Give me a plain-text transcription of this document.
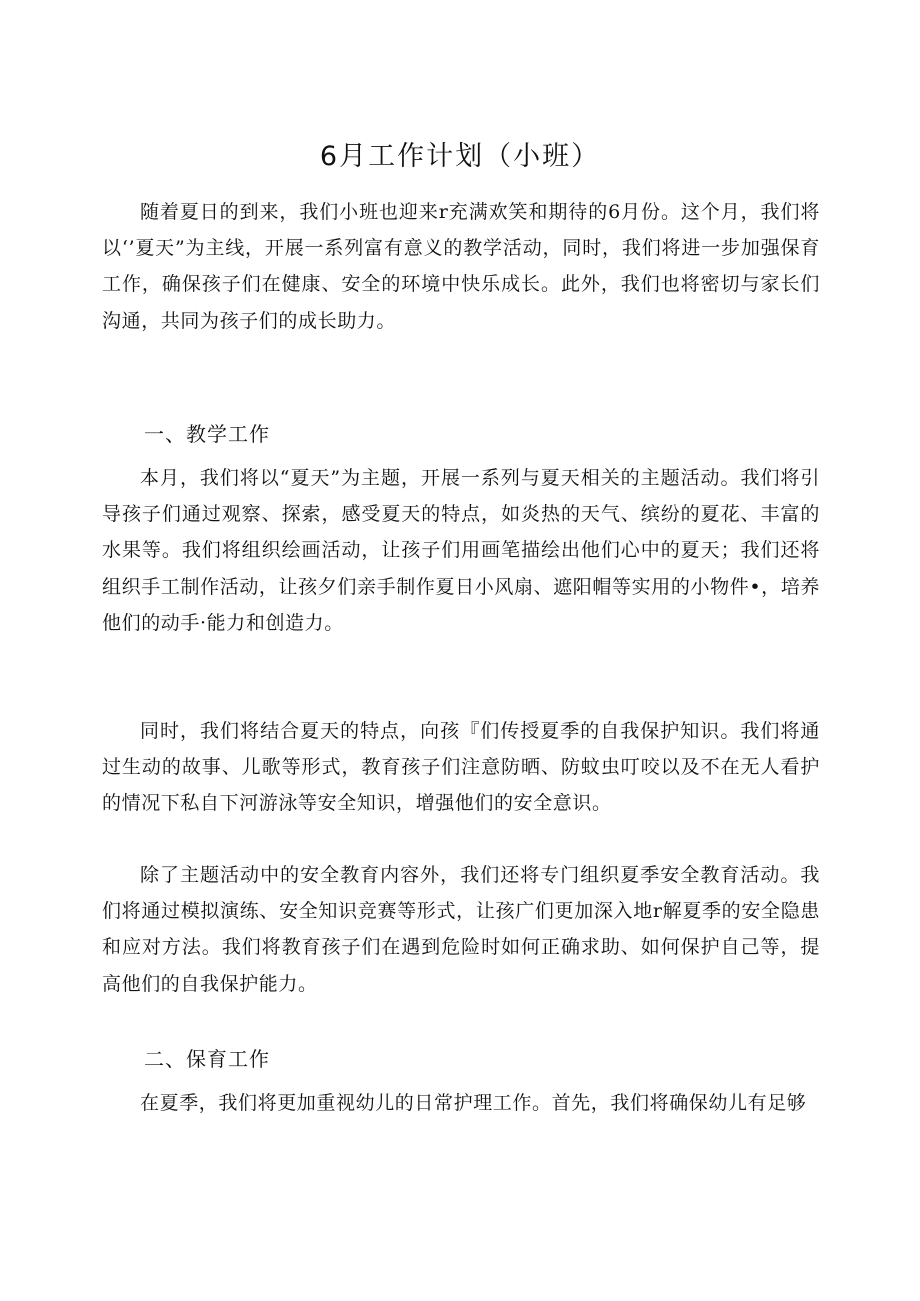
6月工作计划（小班）

随着夏日的到来，我们小班也迎来r充满欢笑和期待的6月份。这个月，我们将以‘’夏天”为主线，开展一系列富有意义的教学活动，同时，我们将进一步加强保育工作，确保孩子们在健康、安全的环境中快乐成长。此外，我们也将密切与家长们沟通，共同为孩子们的成长助力。

一、教学工作

本月，我们将以“夏天”为主题，开展一系列与夏天相关的主题活动。我们将引导孩子们通过观察、探索，感受夏天的特点，如炎热的天气、缤纷的夏花、丰富的水果等。我们将组织绘画活动，让孩子们用画笔描绘出他们心中的夏天；我们还将组织手工制作活动，让孩夕们亲手制作夏日小风扇、遮阳帽等实用的小物件•，培养他们的动手·能力和创造力。

同时，我们将结合夏天的特点，向孩『们传授夏季的自我保护知识。我们将通过生动的故事、儿歌等形式，教育孩子们注意防晒、防蚊虫叮咬以及不在无人看护的情况下私自下河游泳等安全知识，增强他们的安全意识。

除了主题活动中的安全教育内容外，我们还将专门组织夏季安全教育活动。我们将通过模拟演练、安全知识竞赛等形式，让孩广们更加深入地r解夏季的安全隐患和应对方法。我们将教育孩子们在遇到危险时如何正确求助、如何保护自己等，提高他们的自我保护能力。

二、保育工作

在夏季，我们将更加重视幼儿的日常护理工作。首先，我们将确保幼儿有足够
